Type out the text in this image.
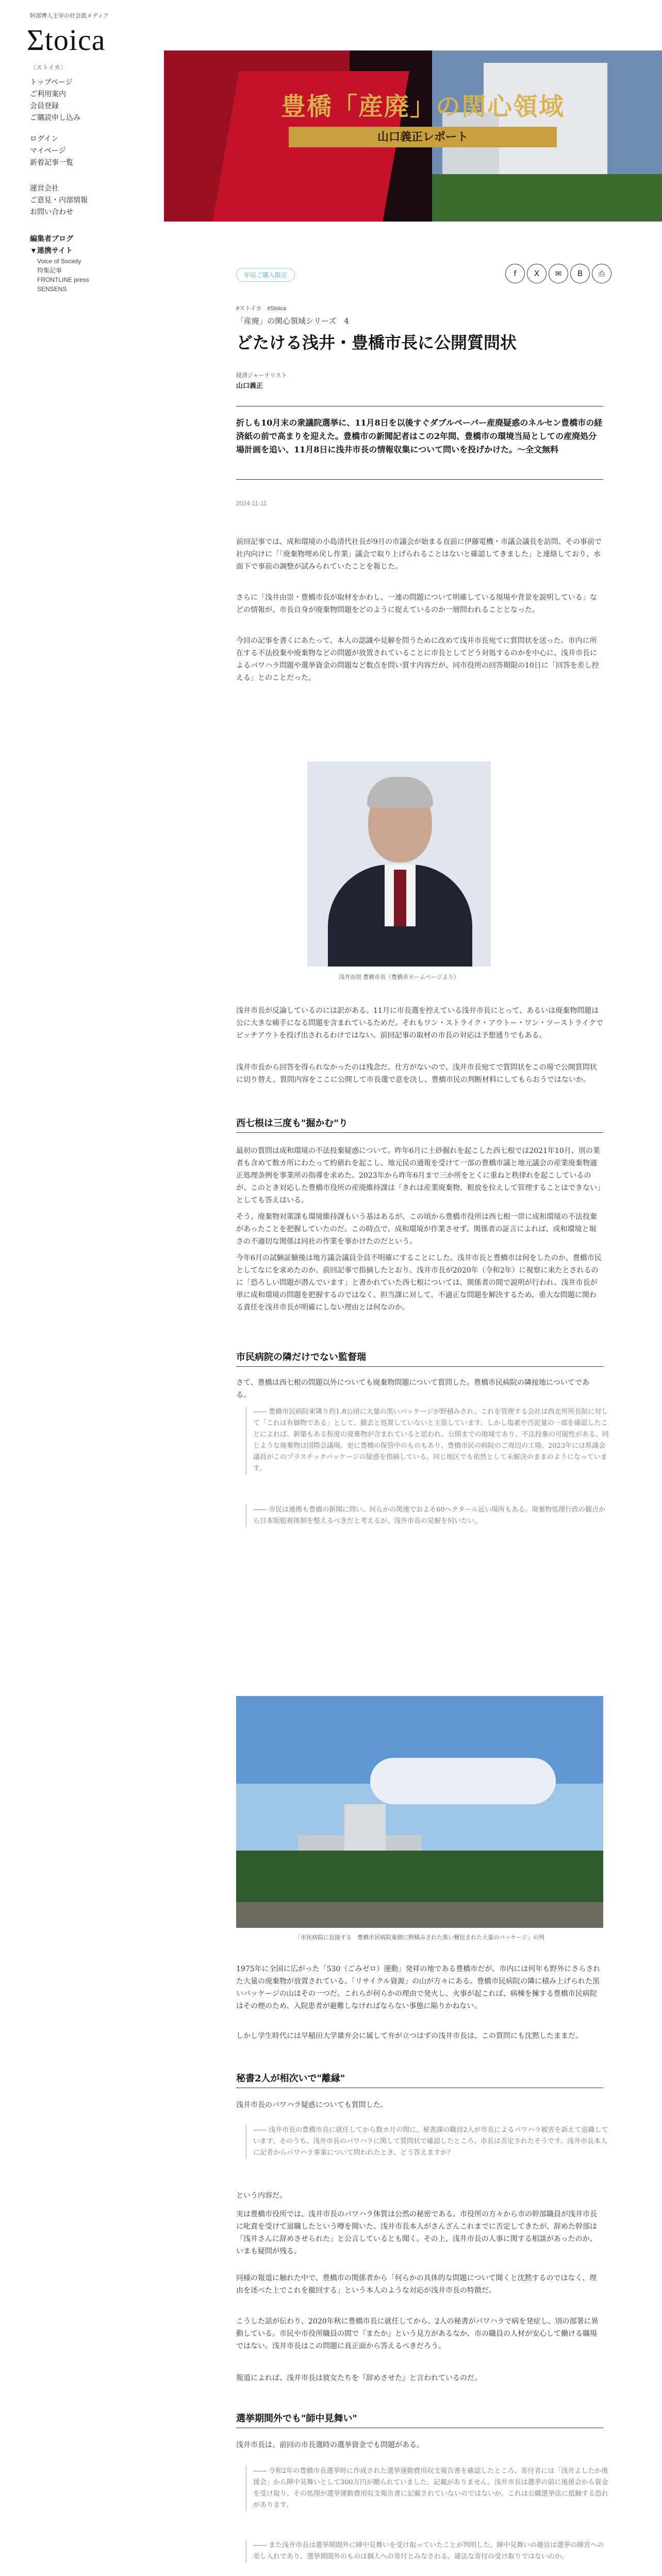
阿部博人主宰の社会派メディア
Σtoica
〔ストイカ〕
トップページ
ご利用案内
会員登録
ご購読申し込み
ログイン
マイページ
新着記事一覧
運営会社
ご意見・内部情報
お問い合わせ
編集者ブログ
▼連携サイト
Voice of Society
特集記事
FRONTLINE press
SENSENS
豊橋「産廃」の関心領域
山口義正レポート
年収ご購入限定	f	X	✉	B	⎙
#ストイカ　#Stoica
「産廃」の関心領域シリーズ　4
どたける浅井・豊橋市長に公開質問状
経済ジャーナリスト
山口義正
折しも10月末の衆議院選挙に、11月8日を以後すぐダブルペーパー産廃疑惑のネルセン豊橋市の経済紙の前で高まりを迎えた。豊橋市の新聞記者はこの2年間、豊橋市の環境当局としての産廃処分場計画を追い、11月8日に浅井市長の情報収集について問いを投げかけた。〜全文無料
2024-11-11
前回記事では、成和環境の小島清代社長が9月の市議会が始まる直前に伊藤電機・市議会議長を訪問、その事前で社内向けに「「廃棄物埋め戻し作業」議会で取り上げられることはないと確認してきました」と連絡しており、水面下で事前の調整が試みられていたことを報じた。
さらに「浅井由崇・豊橋市長が取材をかわし、一連の問題について明確している現場や背景を説明している」などの情報が、市長自身が廃棄物問題をどのように捉えているのか一層問われることとなった。
今回の記事を書くにあたって、本人の認識や見解を問うために改めて浅井市長宛てに質問状を送った。市内に所在する不法投棄や廃棄物などの問題が放置されていることに市長としてどう対処するのかを中心に、浅井市長によるパワハラ問題や選挙資金の問題など数点を問い質す内容だが、同市役所の回答期限の10日に「回答を差し控える」とのことだった。
浅井由崇 豊橋市長（豊橋市ホームページより）
浅井市長が反論しているのには訳がある。11月に市長選を控えている浅井市長にとって、あるいは廃棄物問題は公に大きな痛手になる問題を含まれているためだ。それもワン・ストライク・アウトー・ワン・ツーストライクでピッチアウトを投げ出されるわけではない。前回記事の取材の市長の対応は予想通りでもある。
浅井市長から回答を得られなかったのは残念だ。仕方がないので、浅井市長宛てで質問状をこの場で公開質問状に切り替え、質問内容をここに公開して市長選で意を決し、豊橋市民の判断材料にしてもらおうではないか。
西七根は三度も"掘かむ"り
最初の質問は成和環境の不法投棄疑惑について。昨年6月に土砂掘れを起こした西七根では2021年10月、別の業者も含めて数カ所にわたって約値れを起こし、地元民の通報を受けて一部の豊橋市議と地元議会の産業廃棄物適正処理条例を事業所の指導を求めた。2023年から昨年6月まで三か所をとくに重ねと秩律れを起こしているのが、このとき対応した豊橋市役所の産廃維持課は「きれは産業廃棄物、粗放を拉えして管理することはできない」としても答えはいる。
そう、廃棄物対策課も環境維持課もいう基はあるが、この頃から豊橋市役所は西七根一帯に成和環境の不法投棄があったことを把握していたのだ。この時点で、成和環境が作業させず、関係者の証言によれば、成和環境と堀さの不適切な関係は同社の作業を事かけたのだという。
今年6月の試験証験後は地方議会議員全員不明確にすることにした。浅井市長と豊橋市は何をしたのか、豊橋市民としてなにを求めたのか、前回記事で指摘したとおり、浅井市長が2020年（令和2年）に視察に来たとされるのに「恐ろしい問題が潜んでいます」と書かれていた西七根については、関係者の間で説明が行われ、浅井市長が単に成和環境の問題を把握するのではなく、担当課に対して、不適正な問題を解決するため、重大な問題に関わる責任を浅井市長が明確にしない理由とは何なのか。
市民病院の隣だけでない監督瑞
さて、豊橋は西七根の問題以外についても廃棄物問題について質問した。豊橋市民病院の隣接地についてである。
―― 豊橋市民病院東隣り約1.8公頃に大量の黒いパッケージが野積みされ、これを管理する会社は西北所所長院に対して「これは有価物である」として、撤去と処置していないと主張しています。しかし塩素や汚泥量の一部を確認したことによれば、新築もある程度の廃棄物が含まれていると思われ、公開までの地域であり、不法投棄の可能性がある。同じような廃棄物は国際会議場、更に豊橋の保管中のものもあり、豊橋市民の病院のご周辺の工場、2023年には県議会議員がこのプラスチックパッケージの疑惑を指摘している。同じ地区でも依然として未解決のままのようになっています。
―― 市民は連携も豊橋の新聞に問い、何らかの関連でおよそ60ヘクタール近い場所もある。廃棄物処理行政の観点から日本版監視体制を整えるべきだと考えるが、浅井市長の見解を伺いたい。
「市民病院に近接する　豊橋市民病院東側に野積みされた黒い梱包された大量のパッケージ」の列
1975年に全国に広がった「530（ごみゼロ）運動」発祥の地である豊橋市だが、市内には何年も野外にさらされた大量の廃棄物が放置されている。「リサイクル資源」の山が方々にある。豊橋市民病院の隣に積み上げられた黒いパッケージの山はその一つだ。これらが何らかの理由で発火し、火事が起これば、病棟を擁する豊橋市民病院はその煙のため、入院患者が避難しなければならない事態に陥りかねない。
しかし学生時代には早稲田大学雄弁会に属して弁が立つはずの浅井市長は、この質問にも沈黙したままだ。
秘書2人が相次いで"離縁"
浅井市長のパワハラ疑惑についても質問した。
―― 浅井市長の豊橋市長に就任してから数カ月の間に、秘書課の職員2人が市長によるパワハラ被害を訴えて退職しています。そのうち、浅井市長のパワハラに関して質問状で確認したところ、市長は否定されたそうです。浅井市長本人に記者からパワハラ事案について問われたとき、どう答えますか？
という内容だ。
実は豊橋市役所では、浅井市長のパワハラ体質は公然の秘密である。市役所の方々から市の幹部職員が浅井市長に叱責を受けて退職したという噂を聞いた。浅井市長本人がさんざんこれまでに否定してきたが、辞めた幹部は「浅井さんに辞めさせられた」と公言しているとも聞く。その上、浅井市長の人事に関する相談があったのか、いまも疑問が残る。
同様の報道に触れた中で、豊橋市の関係者から「何らかの具体的な問題について聞くと沈黙するのではなく、理由を述べた上でこれを撤回する」という本人のような対応が浅井市長の特徴だ。
こうした話が伝わり、2020年秋に豊橋市長に就任してから、2人の秘書がパワハラで病を発症し、別の部署に異動している。市民や市役所職員の間で『またか』という見方があるなか、市の職員の人材が安心して働ける職場ではない。浅井市長はこの問題に真正面から答えるべきだろう。
報道によれば、浅井市長は彼女たちを『辞めさせた』と言われているのだ。
選挙期間外でも"師中見舞い"
浅井市長は、前回の市長選時の選挙資金でも問題がある。
―― 令和2年の豊橋市長選挙時に作成された選挙運動費用収支報告書を確認したところ、寄付者には「浅井よしたか後援会」から陣中見舞いとして300万円が贈られていました。記載がありません。浅井市長は選挙の前に後援会から資金を受け取り、その処理が選挙運動費用収支報告書に記載されていないのではないか。これは公職選挙法に抵触する恐れがあります。
―― また浅井市長は選挙期間外に陣中見舞いを受け取っていたことが判明した。陣中見舞いの趣旨は選挙の陣営への差し入れであり、選挙期間外のものは個人への寄付とみなされる。違法な寄付の受け取りではないのか。
